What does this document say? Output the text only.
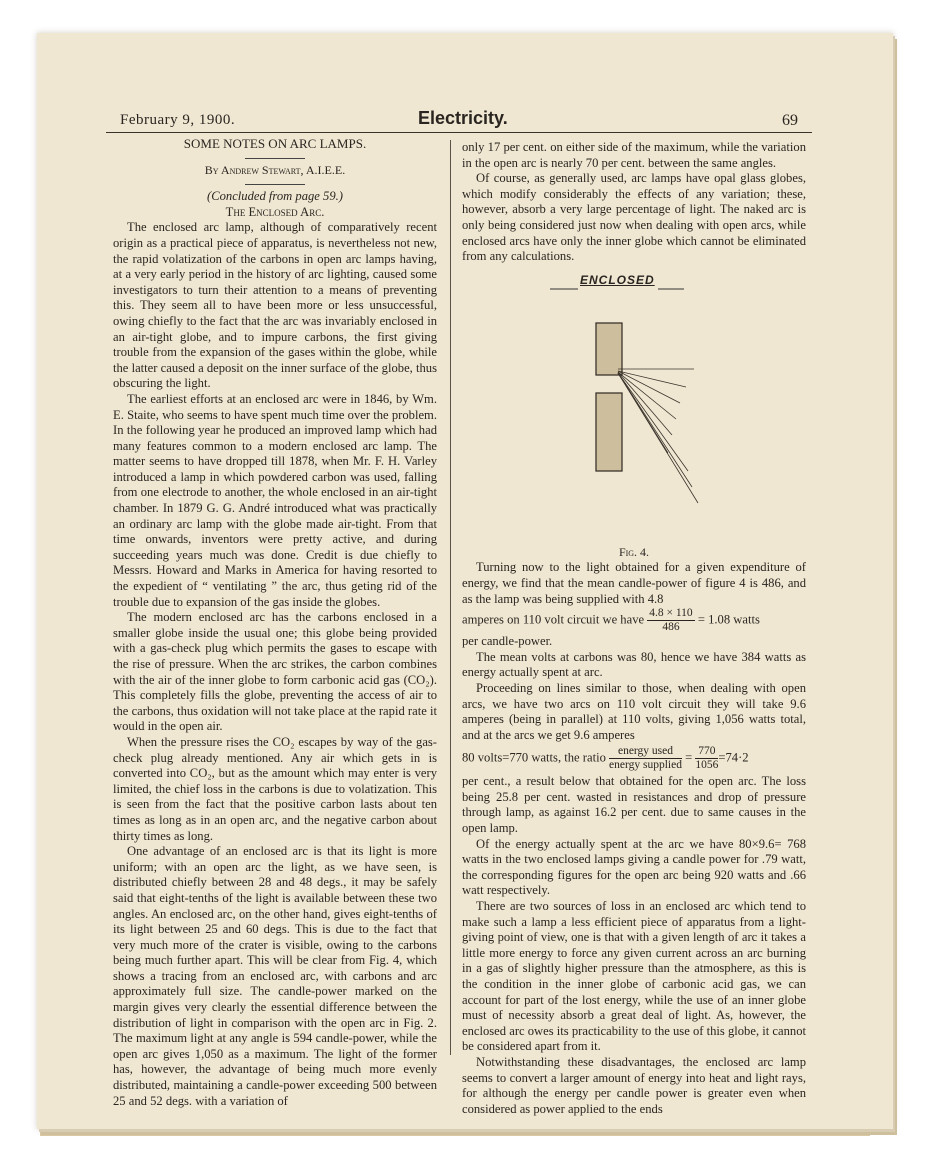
February 9, 1900.	Electricity.	69

SOME NOTES ON ARC LAMPS.

By Andrew Stewart, A.I.E.E.

(Concluded from page 59.)

The Enclosed Arc.

The enclosed arc lamp, although of comparatively recent origin as a practical piece of apparatus, is nevertheless not new, the rapid volatization of the carbons in open arc lamps having, at a very early period in the history of arc lighting, caused some investigators to turn their attention to a means of preventing this. They seem all to have been more or less unsuccessful, owing chiefly to the fact that the arc was invariably enclosed in an air-tight globe, and to impure carbons, the first giving trouble from the expansion of the gases within the globe, while the latter caused a deposit on the inner surface of the globe, thus obscuring the light.

The earliest efforts at an enclosed arc were in 1846, by Wm. E. Staite, who seems to have spent much time over the problem. In the following year he produced an improved lamp which had many features common to a modern enclosed arc lamp. The matter seems to have dropped till 1878, when Mr. F. H. Varley introduced a lamp in which powdered carbon was used, falling from one electrode to another, the whole enclosed in an air-tight chamber. In 1879 G. G. André introduced what was practically an ordinary arc lamp with the globe made air-tight. From that time onwards, inventors were pretty active, and during succeeding years much was done. Credit is due chiefly to Messrs. Howard and Marks in America for having resorted to the expedient of “ ventilating ” the arc, thus geting rid of the trouble due to expansion of the gas inside the globes.

The modern enclosed arc has the carbons enclosed in a smaller globe inside the usual one; this globe being provided with a gas-check plug which permits the gases to escape with the rise of pressure. When the arc strikes, the carbon combines with the air of the inner globe to form carbonic acid gas (CO₂). This completely fills the globe, preventing the access of air to the carbons, thus oxidation will not take place at the rapid rate it would in the open air.

When the pressure rises the CO₂ escapes by way of the gas-check plug already mentioned. Any air which gets in is converted into CO₂, but as the amount which may enter is very limited, the chief loss in the carbons is due to volatization. This is seen from the fact that the positive carbon lasts about ten times as long as in an open arc, and the negative carbon about thirty times as long.

One advantage of an enclosed arc is that its light is more uniform; with an open arc the light, as we have seen, is distributed chiefly between 28 and 48 degs., it may be safely said that eight-tenths of the light is available between these two angles. An enclosed arc, on the other hand, gives eight-tenths of its light between 25 and 60 degs. This is due to the fact that very much more of the crater is visible, owing to the carbons being much further apart. This will be clear from Fig. 4, which shows a tracing from an enclosed arc, with carbons and arc approximately full size. The candle-power marked on the margin gives very clearly the essential difference between the distribution of light in comparison with the open arc in Fig. 2. The maximum light at any angle is 594 candle-power, while the open arc gives 1,050 as a maximum. The light of the former has, however, the advantage of being much more evenly distributed, maintaining a candle-power exceeding 500 between 25 and 52 degs. with a variation of

only 17 per cent. on either side of the maximum, while the variation in the open arc is nearly 70 per cent. between the same angles.

Of course, as generally used, arc lamps have opal glass globes, which modify considerably the effects of any variation; these, however, absorb a very large percentage of light. The naked arc is only being considered just now when dealing with open arcs, while enclosed arcs have only the inner globe which cannot be eliminated from any calculations.

ENCLOSED

Fig. 4.

Turning now to the light obtained for a given expenditure of energy, we find that the mean candle-power of figure 4 is 486, and as the lamp was being supplied with 4.8

amperes on 110 volt circuit we have $\frac{4.8 \times 110}{486} = 1.08$ watts

per candle-power.

The mean volts at carbons was 80, hence we have 384 watts as energy actually spent at arc.

Proceeding on lines similar to those, when dealing with open arcs, we have two arcs on 110 volt circuit they will take 9.6 amperes (being in parallel) at 110 volts, giving 1,056 watts total, and at the arcs we get 9.6 amperes

80 volts=770 watts, the ratio $\frac{\text{energy used}}{\text{energy supplied}} = \frac{770}{1056} =74\cdot 2$

per cent., a result below that obtained for the open arc. The loss being 25.8 per cent. wasted in resistances and drop of pressure through lamp, as against 16.2 per cent. due to same causes in the open lamp.

Of the energy actually spent at the arc we have 80×9.6= 768 watts in the two enclosed lamps giving a candle power for .79 watt, the corresponding figures for the open arc being 920 watts and .66 watt respectively.

There are two sources of loss in an enclosed arc which tend to make such a lamp a less efficient piece of apparatus from a light-giving point of view, one is that with a given length of arc it takes a little more energy to force any given current across an arc burning in a gas of slightly higher pressure than the atmosphere, as this is the condition in the inner globe of carbonic acid gas, we can account for part of the lost energy, while the use of an inner globe must of necessity absorb a great deal of light. As, however, the enclosed arc owes its practicability to the use of this globe, it cannot be considered apart from it.

Notwithstanding these disadvantages, the enclosed arc lamp seems to convert a larger amount of energy into heat and light rays, for although the energy per candle power is greater even when considered as power applied to the ends
